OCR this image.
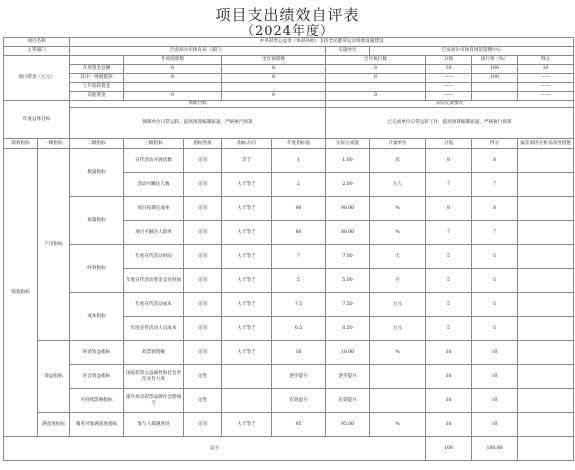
项目支出绩效自评表
（2024年度）
项目名称		中央彩票公益金（体彩补助）支持全民健身运动场地设施建设									
主管部门		巴彦淖尔市体育局（部门）					实施单位	巴彦淖尔市体育场馆管理中心			
项目资金（万元）			年初预算数		全年预算数		全年执行数		分值	执行率（%）	得分
		年度资金总额	8		8		8		10	100	10
		其中：财政拨款	8		8		8		——	100	——
		上年结转资金							——		——
		其他资金	0		0		0		——		——
年度总体目标		预期目标					实际完成情况				
		保障单位日常运转，提高预算编制质量，严格执行预算					已完成单位日常运转工作，提高预算编制质量，严格执行预算				
绩效指标	一级指标	二级指标	三级指标	指标性质	指标方向	年度指标值	实际完成值	计量单位	分值	得分	偏差原因分析及改进措施
绩效指标	产出指标	数量指标	宣传活动开展次数	定向	等于	1	1.00	次	8	8	
			活动可触达人数	定向	大于等于	2	2.00	万人	7	7	
		质量指标	项目按期完成率	定向	大于等于	90	90.00	%	8	8	
			项目可触达人群率	定向	大于等于	80	80.00	%	7	7	
		时效指标	年度宣传活动时间	定向	大于等于	7	7.00	天	5	5	
			年度宣传活动资金支付时间	定向	大于等于	5	5.00	月	5	5	
		成本指标	年度宣传活动成本	定向	大于等于	7.5	7.50	万元	5	5	
			年度宣传活动人员成本	定向	大于等于	0.5	0.50	万元	5	5	
	效益指标	经济效益指标	彩票销售额	定向	大于等于	10	10.00	%	10	10	
		社会效益指标	国家彩票公益属性和社会责任宣传力度	定性		逐步提升	逐步提升		10	10	
		可持续影响指标	提升体育彩票品牌社会影响力	定性		有效提升	有效提升		10	10	
	满意度指标	服务对象满意度指标	参与人群满意度	定向	大于等于	95	95.00	%	10	10	
总分									100	100.00	
